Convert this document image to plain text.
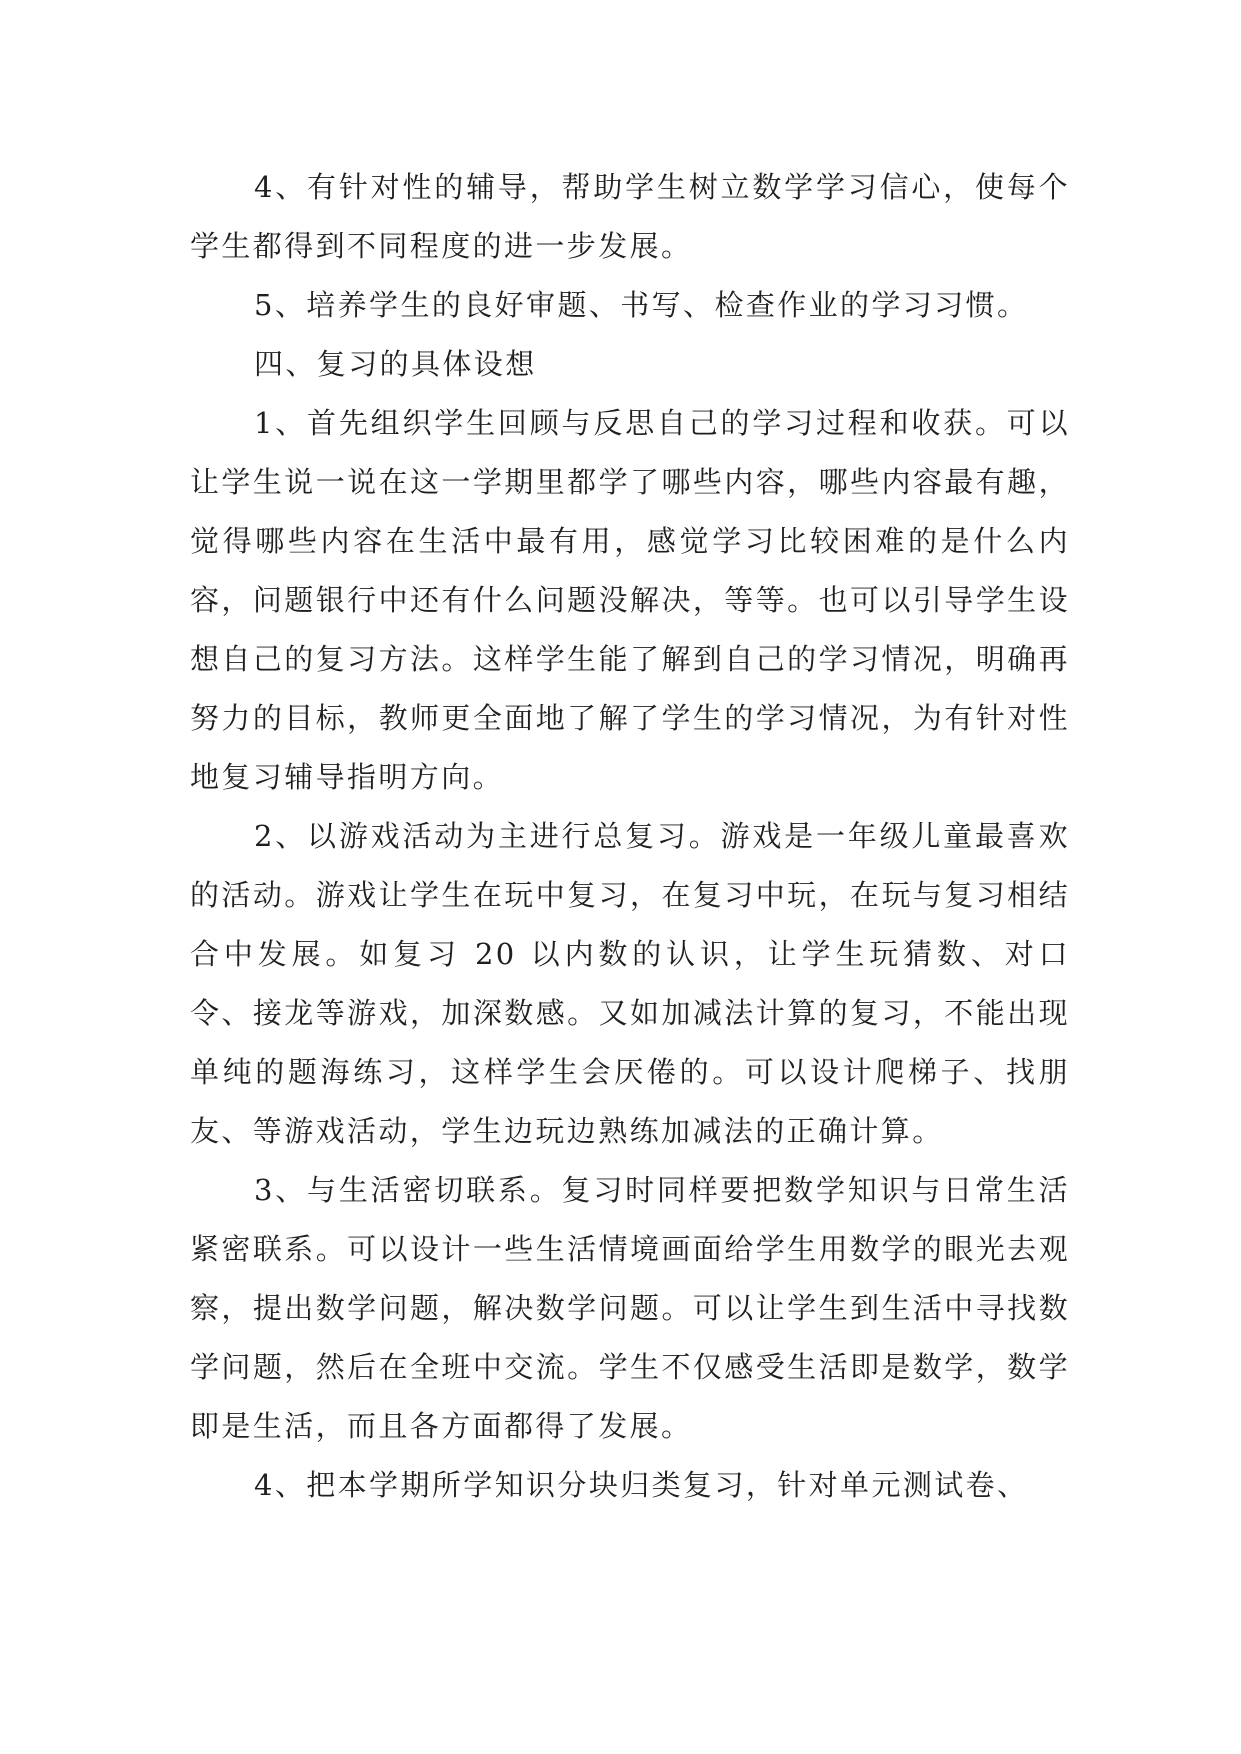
4、有针对性的辅导，帮助学生树立数学学习信心，使每个学生都得到不同程度的进一步发展。

5、培养学生的良好审题、书写、检查作业的学习习惯。

四、复习的具体设想

1、首先组织学生回顾与反思自己的学习过程和收获。可以让学生说一说在这一学期里都学了哪些内容，哪些内容最有趣，觉得哪些内容在生活中最有用，感觉学习比较困难的是什么内容，问题银行中还有什么问题没解决，等等。也可以引导学生设想自己的复习方法。这样学生能了解到自己的学习情况，明确再努力的目标，教师更全面地了解了学生的学习情况，为有针对性地复习辅导指明方向。

2、以游戏活动为主进行总复习。游戏是一年级儿童最喜欢的活动。游戏让学生在玩中复习，在复习中玩，在玩与复习相结合中发展。如复习 20 以内数的认识，让学生玩猜数、对口令、接龙等游戏，加深数感。又如加减法计算的复习，不能出现单纯的题海练习，这样学生会厌倦的。可以设计爬梯子、找朋友、等游戏活动，学生边玩边熟练加减法的正确计算。

3、与生活密切联系。复习时同样要把数学知识与日常生活紧密联系。可以设计一些生活情境画面给学生用数学的眼光去观察，提出数学问题，解决数学问题。可以让学生到生活中寻找数学问题，然后在全班中交流。学生不仅感受生活即是数学，数学即是生活，而且各方面都得了发展。

4、把本学期所学知识分块归类复习，针对单元测试卷、
